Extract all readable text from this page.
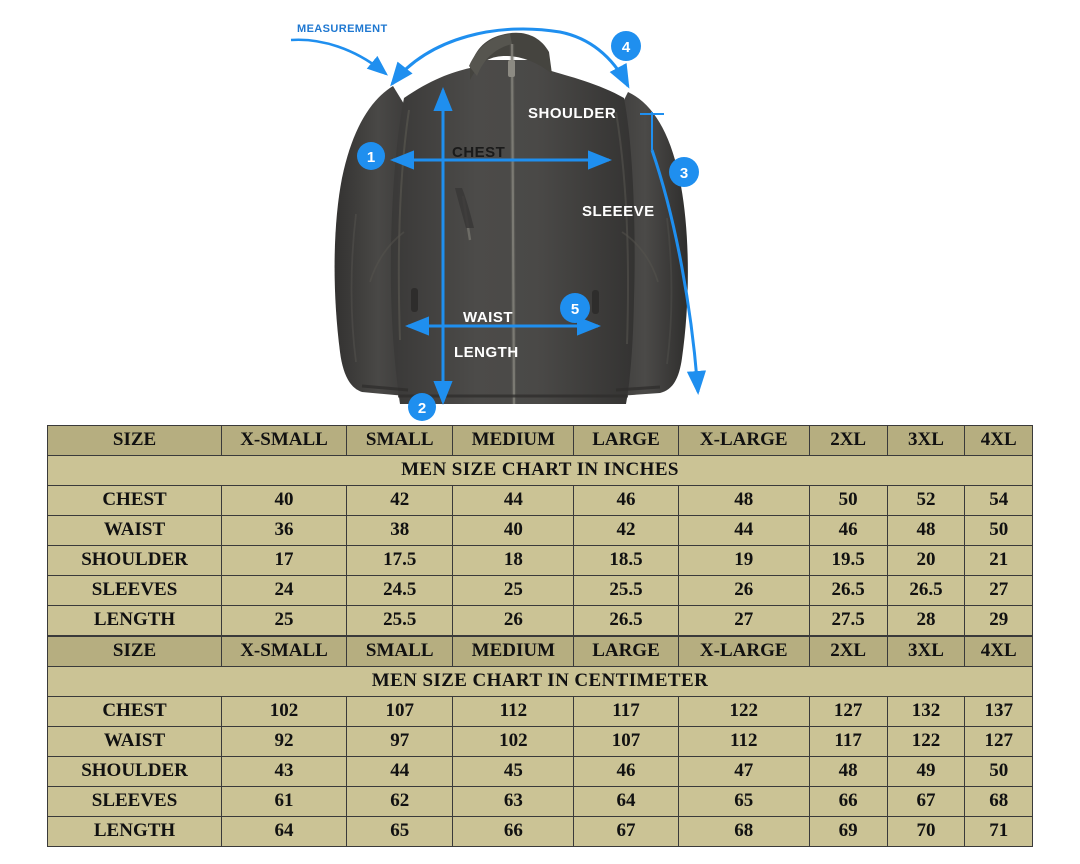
MEASUREMENT
SHOULDER
CHEST
SLEEEVE
WAIST
LENGTH
1
2
3
4
5
MEN SIZE CHART IN INCHES								
SIZE	X-SMALL	SMALL	MEDIUM	LARGE	X-LARGE	2XL	3XL	4XL
CHEST	40	42	44	46	48	50	52	54
WAIST	36	38	40	42	44	46	48	50
SHOULDER	17	17.5	18	18.5	19	19.5	20	21
SLEEVES	24	24.5	25	25.5	26	26.5	26.5	27
LENGTH	25	25.5	26	26.5	27	27.5	28	29
MEN SIZE CHART IN CENTIMETER								
SIZE	X-SMALL	SMALL	MEDIUM	LARGE	X-LARGE	2XL	3XL	4XL
CHEST	102	107	112	117	122	127	132	137
WAIST	92	97	102	107	112	117	122	127
SHOULDER	43	44	45	46	47	48	49	50
SLEEVES	61	62	63	64	65	66	67	68
LENGTH	64	65	66	67	68	69	70	71
